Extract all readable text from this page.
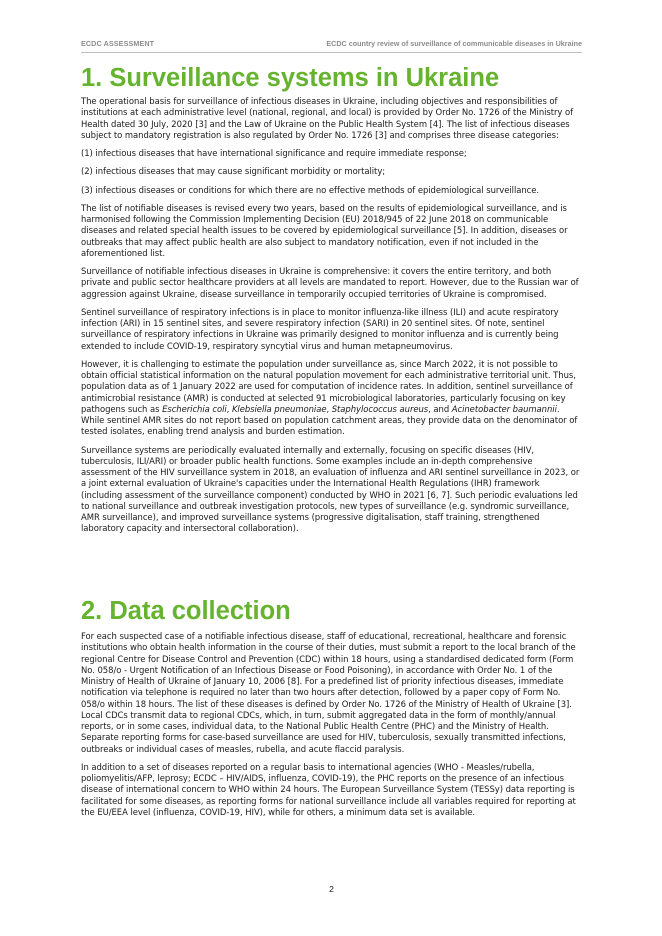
ECDC ASSESSMENT	ECDC country review of surveillance of communicable diseases in Ukraine
1. Surveillance systems in Ukraine

The operational basis for surveillance of infectious diseases in Ukraine, including objectives and responsibilities of institutions at each administrative level (national, regional, and local) is provided by Order No. 1726 of the Ministry of Health dated 30 July, 2020 [3] and the Law of Ukraine on the Public Health System [4]. The list of infectious diseases subject to mandatory registration is also regulated by Order No. 1726 [3] and comprises three disease categories:

(1) infectious diseases that have international significance and require immediate response;

(2) infectious diseases that may cause significant morbidity or mortality;

(3) infectious diseases or conditions for which there are no effective methods of epidemiological surveillance.

The list of notifiable diseases is revised every two years, based on the results of epidemiological surveillance, and is harmonised following the Commission Implementing Decision (EU) 2018/945 of 22 June 2018 on communicable diseases and related special health issues to be covered by epidemiological surveillance [5]. In addition, diseases or outbreaks that may affect public health are also subject to mandatory notification, even if not included in the aforementioned list.

Surveillance of notifiable infectious diseases in Ukraine is comprehensive: it covers the entire territory, and both private and public sector healthcare providers at all levels are mandated to report. However, due to the Russian war of aggression against Ukraine, disease surveillance in temporarily occupied territories of Ukraine is compromised.

Sentinel surveillance of respiratory infections is in place to monitor influenza-like illness (ILI) and acute respiratory infection (ARI) in 15 sentinel sites, and severe respiratory infection (SARI) in 20 sentinel sites. Of note, sentinel surveillance of respiratory infections in Ukraine was primarily designed to monitor influenza and is currently being extended to include COVID-19, respiratory syncytial virus and human metapneumovirus.

However, it is challenging to estimate the population under surveillance as, since March 2022, it is not possible to obtain official statistical information on the natural population movement for each administrative territorial unit. Thus, population data as of 1 January 2022 are used for computation of incidence rates. In addition, sentinel surveillance of antimicrobial resistance (AMR) is conducted at selected 91 microbiological laboratories, particularly focusing on key pathogens such as Escherichia coli, Klebsiella pneumoniae, Staphylococcus aureus, and Acinetobacter baumannii. While sentinel AMR sites do not report based on population catchment areas, they provide data on the denominator of tested isolates, enabling trend analysis and burden estimation.

Surveillance systems are periodically evaluated internally and externally, focusing on specific diseases (HIV, tuberculosis, ILI/ARI) or broader public health functions. Some examples include an in-depth comprehensive assessment of the HIV surveillance system in 2018, an evaluation of influenza and ARI sentinel surveillance in 2023, or a joint external evaluation of Ukraine's capacities under the International Health Regulations (IHR) framework (including assessment of the surveillance component) conducted by WHO in 2021 [6, 7]. Such periodic evaluations led to national surveillance and outbreak investigation protocols, new types of surveillance (e.g. syndromic surveillance, AMR surveillance), and improved surveillance systems (progressive digitalisation, staff training, strengthened laboratory capacity and intersectoral collaboration).

2. Data collection

For each suspected case of a notifiable infectious disease, staff of educational, recreational, healthcare and forensic institutions who obtain health information in the course of their duties, must submit a report to the local branch of the regional Centre for Disease Control and Prevention (CDC) within 18 hours, using a standardised dedicated form (Form No. 058/o - Urgent Notification of an Infectious Disease or Food Poisoning), in accordance with Order No. 1 of the Ministry of Health of Ukraine of January 10, 2006 [8]. For a predefined list of priority infectious diseases, immediate notification via telephone is required no later than two hours after detection, followed by a paper copy of Form No. 058/o within 18 hours. The list of these diseases is defined by Order No. 1726 of the Ministry of Health of Ukraine [3]. Local CDCs transmit data to regional CDCs, which, in turn, submit aggregated data in the form of monthly/annual reports, or in some cases, individual data, to the National Public Health Centre (PHC) and the Ministry of Health. Separate reporting forms for case-based surveillance are used for HIV, tuberculosis, sexually transmitted infections, outbreaks or individual cases of measles, rubella, and acute flaccid paralysis.

In addition to a set of diseases reported on a regular basis to international agencies (WHO - Measles/rubella, poliomyelitis/AFP, leprosy; ECDC – HIV/AIDS, influenza, COVID-19), the PHC reports on the presence of an infectious disease of international concern to WHO within 24 hours. The European Surveillance System (TESSy) data reporting is facilitated for some diseases, as reporting forms for national surveillance include all variables required for reporting at the EU/EEA level (influenza, COVID-19, HIV), while for others, a minimum data set is available.

2
